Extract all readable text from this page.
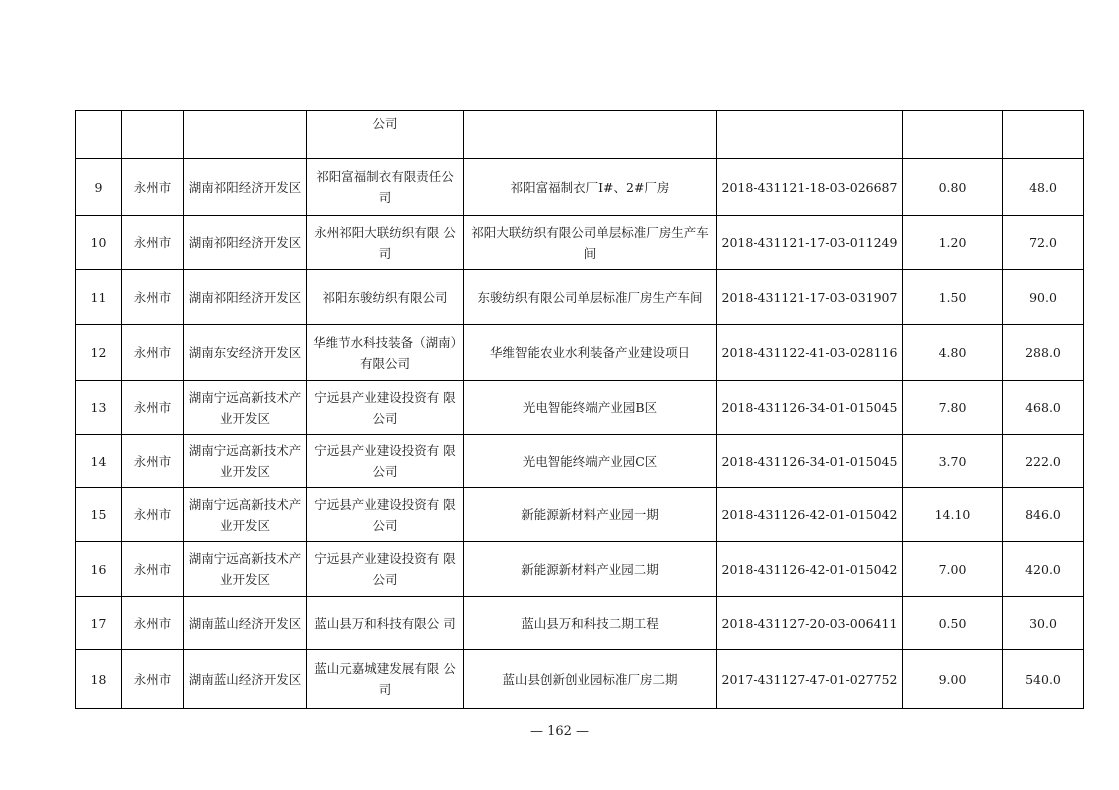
			公司				
9	永州市	湖南祁阳经济开发区	祁阳富福制衣有限责任公司	祁阳富福制衣厂I#、2#厂房	2018-431121-18-03-026687	0.80	48.0
10	永州市	湖南祁阳经济开发区	永州祁阳大联纺织有限 公司	祁阳大联纺织有限公司单层标准厂房生产车间	2018-431121-17-03-011249	1.20	72.0
11	永州市	湖南祁阳经济开发区	祁阳东骏纺织有限公司	东骏纺织有限公司单层标准厂房生产车间	2018-431121-17-03-031907	1.50	90.0
12	永州市	湖南东安经济开发区	华维节水科技装备（湖南）有限公司	华维智能农业水利装备产业建设项日	2018-431122-41-03-028116	4.80	288.0
13	永州市	湖南宁远高新技术产业开发区	宁远县产业建设投资有 限公司	光电智能终端产业园B区	2018-431126-34-01-015045	7.80	468.0
14	永州市	湖南宁远高新技术产业开发区	宁远县产业建设投资有 限公司	光电智能终端产业园C区	2018-431126-34-01-015045	3.70	222.0
15	永州市	湖南宁远高新技术产业开发区	宁远县产业建设投资有 限公司	新能源新材料产业园一期	2018-431126-42-01-015042	14.10	846.0
16	永州市	湖南宁远高新技术产业开发区	宁远县产业建设投资有 限公司	新能源新材料产业园二期	2018-431126-42-01-015042	7.00	420.0
17	永州市	湖南蓝山经济开发区	蓝山县万和科技有限公 司	蓝山县万和科技二期工程	2018-431127-20-03-006411	0.50	30.0
18	永州市	湖南蓝山经济开发区	蓝山元嘉城建发展有限 公司	蓝山县创新创业园标准厂房二期	2017-431127-47-01-027752	9.00	540.0
— 162 —
